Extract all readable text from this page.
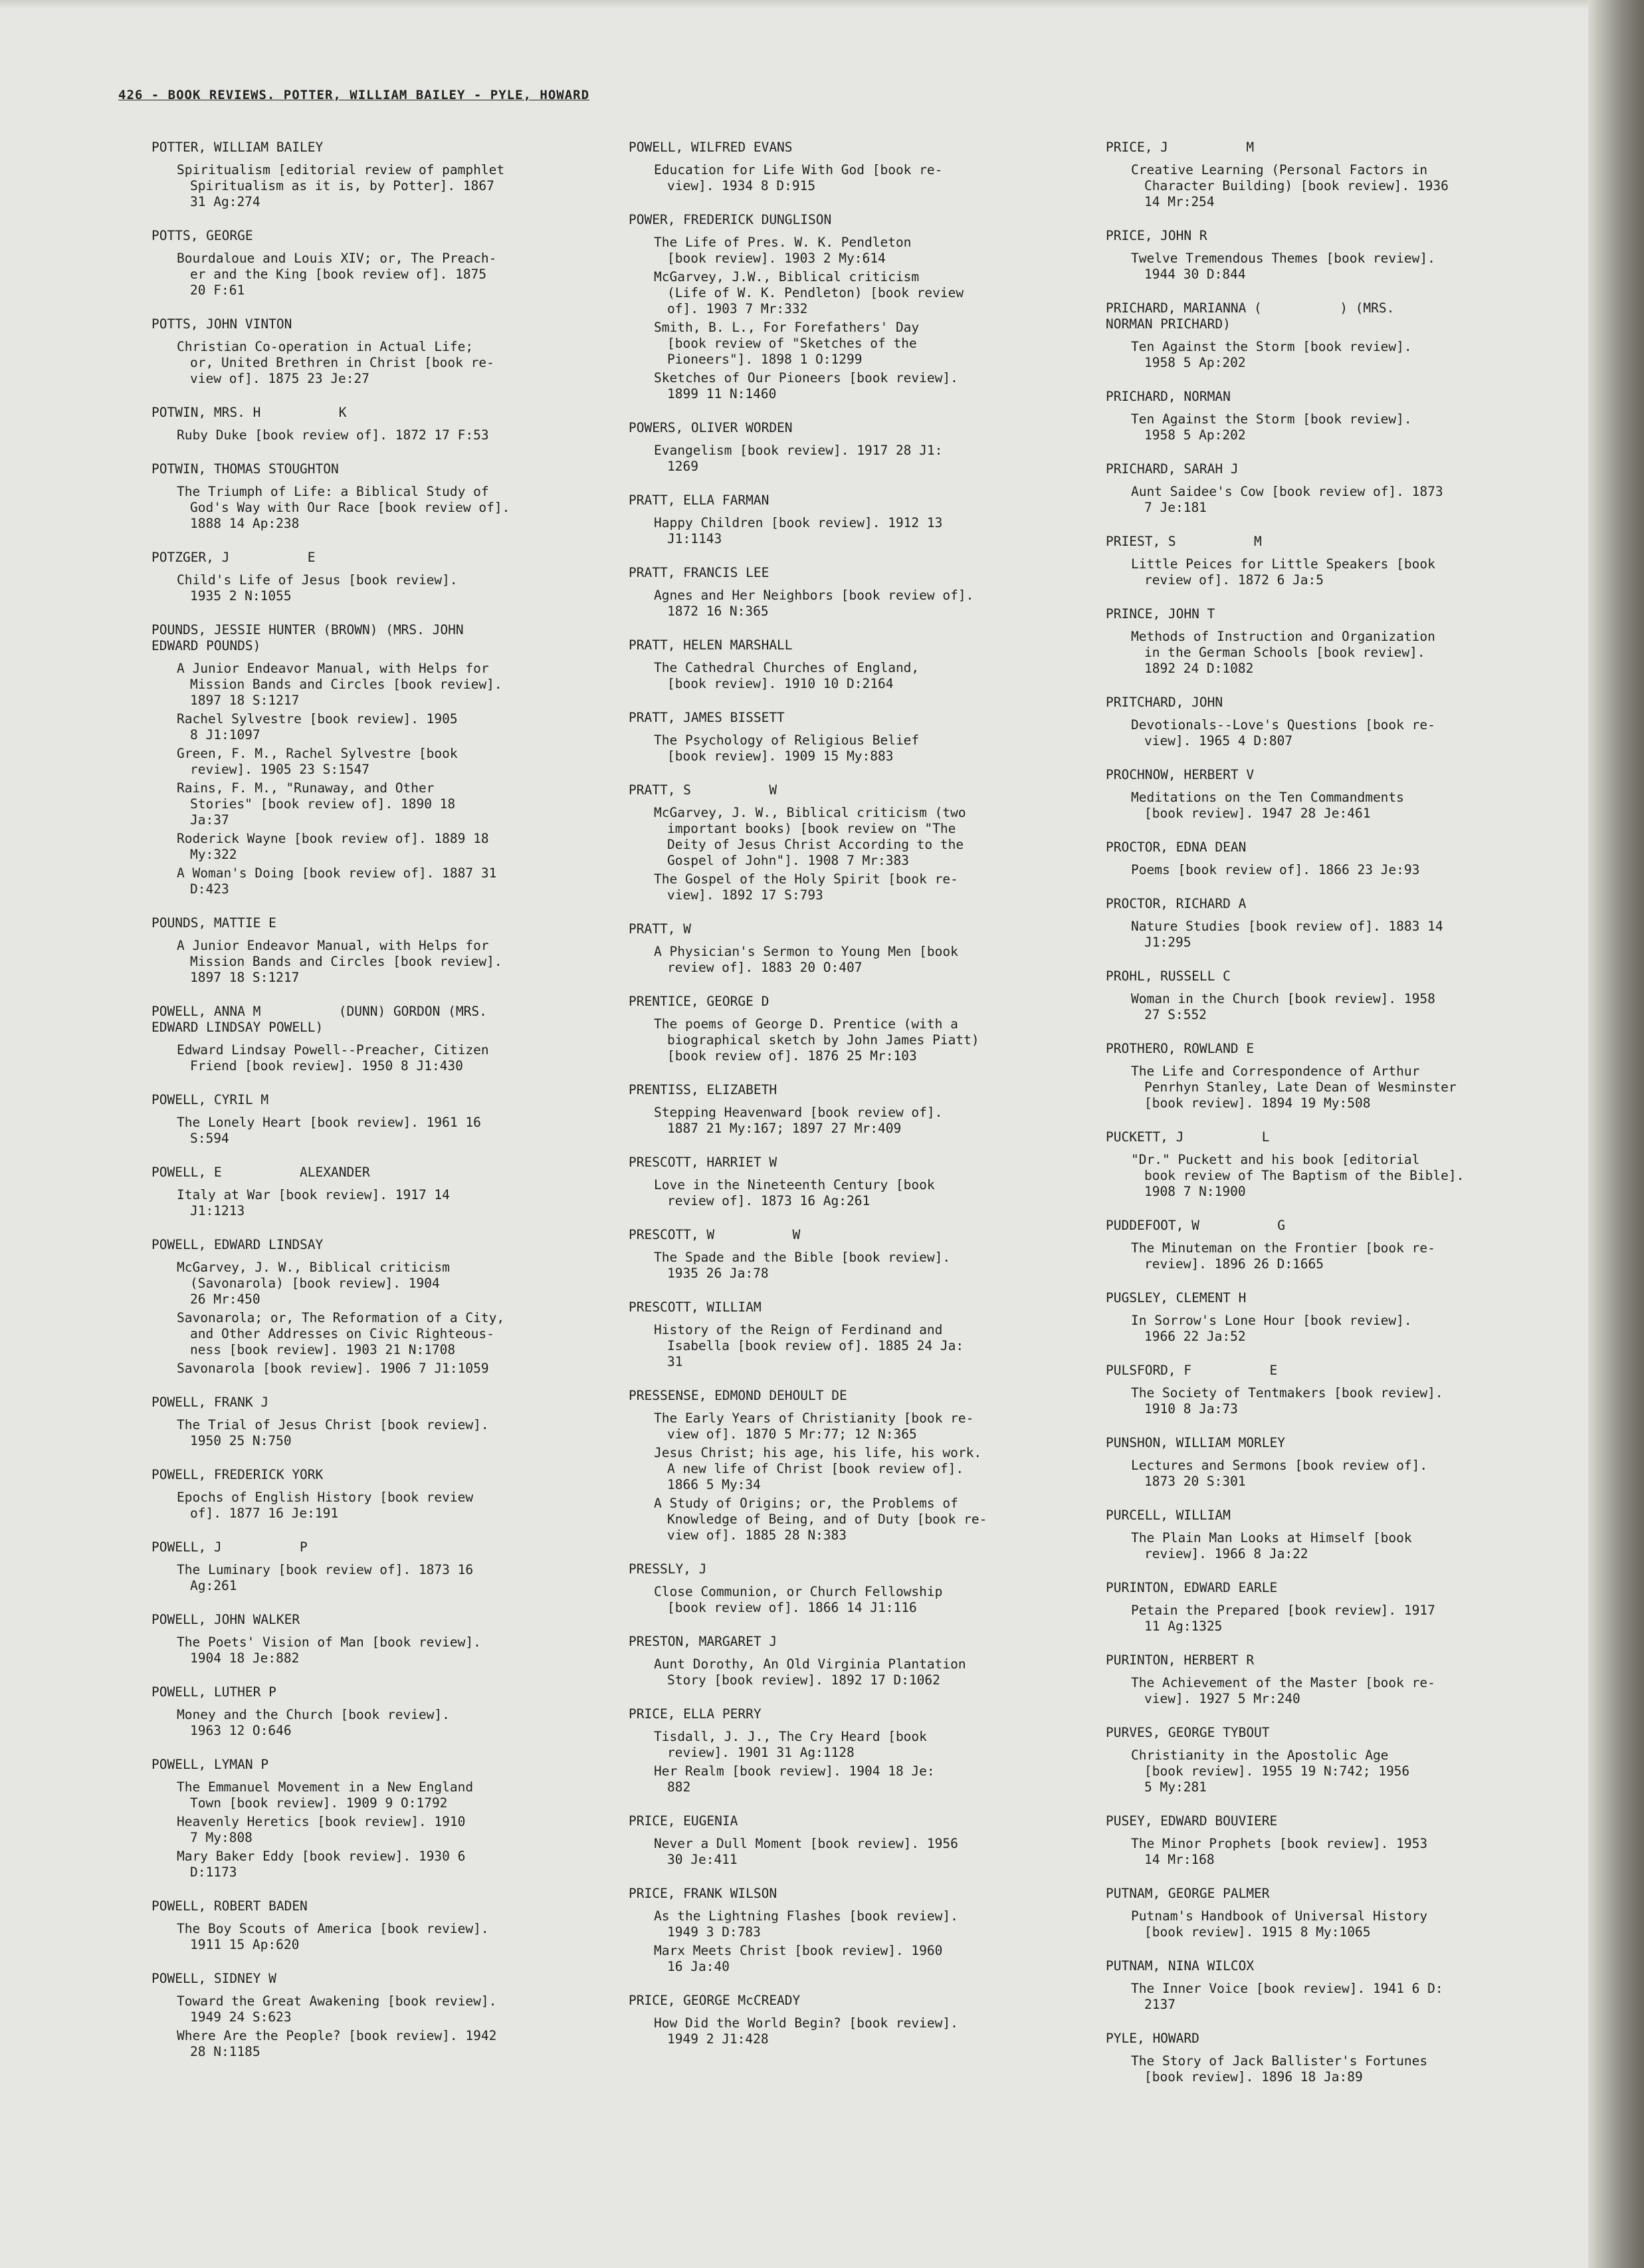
426 - BOOK REVIEWS. POTTER, WILLIAM BAILEY - PYLE, HOWARD
POTTER, WILLIAM BAILEY
Spiritualism [editorial review of pamphlet
Spiritualism as it is, by Potter]. 1867
31 Ag:274
POTTS, GEORGE
Bourdaloue and Louis XIV; or, The Preach-
er and the King [book review of]. 1875
20 F:61
POTTS, JOHN VINTON
Christian Co-operation in Actual Life;
or, United Brethren in Christ [book re-
view of]. 1875 23 Je:27
POTWIN, MRS. H          K
Ruby Duke [book review of]. 1872 17 F:53
POTWIN, THOMAS STOUGHTON
The Triumph of Life: a Biblical Study of
God's Way with Our Race [book review of].
1888 14 Ap:238
POTZGER, J          E
Child's Life of Jesus [book review].
1935 2 N:1055
POUNDS, JESSIE HUNTER (BROWN) (MRS. JOHN
EDWARD POUNDS)
A Junior Endeavor Manual, with Helps for
Mission Bands and Circles [book review].
1897 18 S:1217
Rachel Sylvestre [book review]. 1905
8 J1:1097
Green, F. M., Rachel Sylvestre [book
review]. 1905 23 S:1547
Rains, F. M., "Runaway, and Other
Stories" [book review of]. 1890 18
Ja:37
Roderick Wayne [book review of]. 1889 18
My:322
A Woman's Doing [book review of]. 1887 31
D:423
POUNDS, MATTIE E
A Junior Endeavor Manual, with Helps for
Mission Bands and Circles [book review].
1897 18 S:1217
POWELL, ANNA M          (DUNN) GORDON (MRS.
EDWARD LINDSAY POWELL)
Edward Lindsay Powell--Preacher, Citizen
Friend [book review]. 1950 8 J1:430
POWELL, CYRIL M
The Lonely Heart [book review]. 1961 16
S:594
POWELL, E          ALEXANDER
Italy at War [book review]. 1917 14
J1:1213
POWELL, EDWARD LINDSAY
McGarvey, J. W., Biblical criticism
(Savonarola) [book review]. 1904
26 Mr:450
Savonarola; or, The Reformation of a City,
and Other Addresses on Civic Righteous-
ness [book review]. 1903 21 N:1708
Savonarola [book review]. 1906 7 J1:1059
POWELL, FRANK J
The Trial of Jesus Christ [book review].
1950 25 N:750
POWELL, FREDERICK YORK
Epochs of English History [book review
of]. 1877 16 Je:191
POWELL, J          P
The Luminary [book review of]. 1873 16
Ag:261
POWELL, JOHN WALKER
The Poets' Vision of Man [book review].
1904 18 Je:882
POWELL, LUTHER P
Money and the Church [book review].
1963 12 O:646
POWELL, LYMAN P
The Emmanuel Movement in a New England
Town [book review]. 1909 9 O:1792
Heavenly Heretics [book review]. 1910
7 My:808
Mary Baker Eddy [book review]. 1930 6
D:1173
POWELL, ROBERT BADEN
The Boy Scouts of America [book review].
1911 15 Ap:620
POWELL, SIDNEY W
Toward the Great Awakening [book review].
1949 24 S:623
Where Are the People? [book review]. 1942
28 N:1185
POWELL, WILFRED EVANS
Education for Life With God [book re-
view]. 1934 8 D:915
POWER, FREDERICK DUNGLISON
The Life of Pres. W. K. Pendleton
[book review]. 1903 2 My:614
McGarvey, J.W., Biblical criticism
(Life of W. K. Pendleton) [book review
of]. 1903 7 Mr:332
Smith, B. L., For Forefathers' Day
[book review of "Sketches of the
Pioneers"]. 1898 1 O:1299
Sketches of Our Pioneers [book review].
1899 11 N:1460
POWERS, OLIVER WORDEN
Evangelism [book review]. 1917 28 J1:
1269
PRATT, ELLA FARMAN
Happy Children [book review]. 1912 13
J1:1143
PRATT, FRANCIS LEE
Agnes and Her Neighbors [book review of].
1872 16 N:365
PRATT, HELEN MARSHALL
The Cathedral Churches of England,
[book review]. 1910 10 D:2164
PRATT, JAMES BISSETT
The Psychology of Religious Belief
[book review]. 1909 15 My:883
PRATT, S          W
McGarvey, J. W., Biblical criticism (two
important books) [book review on "The
Deity of Jesus Christ According to the
Gospel of John"]. 1908 7 Mr:383
The Gospel of the Holy Spirit [book re-
view]. 1892 17 S:793
PRATT, W
A Physician's Sermon to Young Men [book
review of]. 1883 20 O:407
PRENTICE, GEORGE D
The poems of George D. Prentice (with a
biographical sketch by John James Piatt)
[book review of]. 1876 25 Mr:103
PRENTISS, ELIZABETH
Stepping Heavenward [book review of].
1887 21 My:167; 1897 27 Mr:409
PRESCOTT, HARRIET W
Love in the Nineteenth Century [book
review of]. 1873 16 Ag:261
PRESCOTT, W          W
The Spade and the Bible [book review].
1935 26 Ja:78
PRESCOTT, WILLIAM
History of the Reign of Ferdinand and
Isabella [book review of]. 1885 24 Ja:
31
PRESSENSE, EDMOND DEHOULT DE
The Early Years of Christianity [book re-
view of]. 1870 5 Mr:77; 12 N:365
Jesus Christ; his age, his life, his work.
A new life of Christ [book review of].
1866 5 My:34
A Study of Origins; or, the Problems of
Knowledge of Being, and of Duty [book re-
view of]. 1885 28 N:383
PRESSLY, J
Close Communion, or Church Fellowship
[book review of]. 1866 14 J1:116
PRESTON, MARGARET J
Aunt Dorothy, An Old Virginia Plantation
Story [book review]. 1892 17 D:1062
PRICE, ELLA PERRY
Tisdall, J. J., The Cry Heard [book
review]. 1901 31 Ag:1128
Her Realm [book review]. 1904 18 Je:
882
PRICE, EUGENIA
Never a Dull Moment [book review]. 1956
30 Je:411
PRICE, FRANK WILSON
As the Lightning Flashes [book review].
1949 3 D:783
Marx Meets Christ [book review]. 1960
16 Ja:40
PRICE, GEORGE McCREADY
How Did the World Begin? [book review].
1949 2 J1:428
PRICE, J          M
Creative Learning (Personal Factors in
Character Building) [book review]. 1936
14 Mr:254
PRICE, JOHN R
Twelve Tremendous Themes [book review].
1944 30 D:844
PRICHARD, MARIANNA (          ) (MRS.
NORMAN PRICHARD)
Ten Against the Storm [book review].
1958 5 Ap:202
PRICHARD, NORMAN
Ten Against the Storm [book review].
1958 5 Ap:202
PRICHARD, SARAH J
Aunt Saidee's Cow [book review of]. 1873
7 Je:181
PRIEST, S          M
Little Peices for Little Speakers [book
review of]. 1872 6 Ja:5
PRINCE, JOHN T
Methods of Instruction and Organization
in the German Schools [book review].
1892 24 D:1082
PRITCHARD, JOHN
Devotionals--Love's Questions [book re-
view]. 1965 4 D:807
PROCHNOW, HERBERT V
Meditations on the Ten Commandments
[book review]. 1947 28 Je:461
PROCTOR, EDNA DEAN
Poems [book review of]. 1866 23 Je:93
PROCTOR, RICHARD A
Nature Studies [book review of]. 1883 14
J1:295
PROHL, RUSSELL C
Woman in the Church [book review]. 1958
27 S:552
PROTHERO, ROWLAND E
The Life and Correspondence of Arthur
Penrhyn Stanley, Late Dean of Wesminster
[book review]. 1894 19 My:508
PUCKETT, J          L
"Dr." Puckett and his book [editorial
book review of The Baptism of the Bible].
1908 7 N:1900
PUDDEFOOT, W          G
The Minuteman on the Frontier [book re-
review]. 1896 26 D:1665
PUGSLEY, CLEMENT H
In Sorrow's Lone Hour [book review].
1966 22 Ja:52
PULSFORD, F          E
The Society of Tentmakers [book review].
1910 8 Ja:73
PUNSHON, WILLIAM MORLEY
Lectures and Sermons [book review of].
1873 20 S:301
PURCELL, WILLIAM
The Plain Man Looks at Himself [book
review]. 1966 8 Ja:22
PURINTON, EDWARD EARLE
Petain the Prepared [book review]. 1917
11 Ag:1325
PURINTON, HERBERT R
The Achievement of the Master [book re-
view]. 1927 5 Mr:240
PURVES, GEORGE TYBOUT
Christianity in the Apostolic Age
[book review]. 1955 19 N:742; 1956
5 My:281
PUSEY, EDWARD BOUVIERE
The Minor Prophets [book review]. 1953
14 Mr:168
PUTNAM, GEORGE PALMER
Putnam's Handbook of Universal History
[book review]. 1915 8 My:1065
PUTNAM, NINA WILCOX
The Inner Voice [book review]. 1941 6 D:
2137
PYLE, HOWARD
The Story of Jack Ballister's Fortunes
[book review]. 1896 18 Ja:89
